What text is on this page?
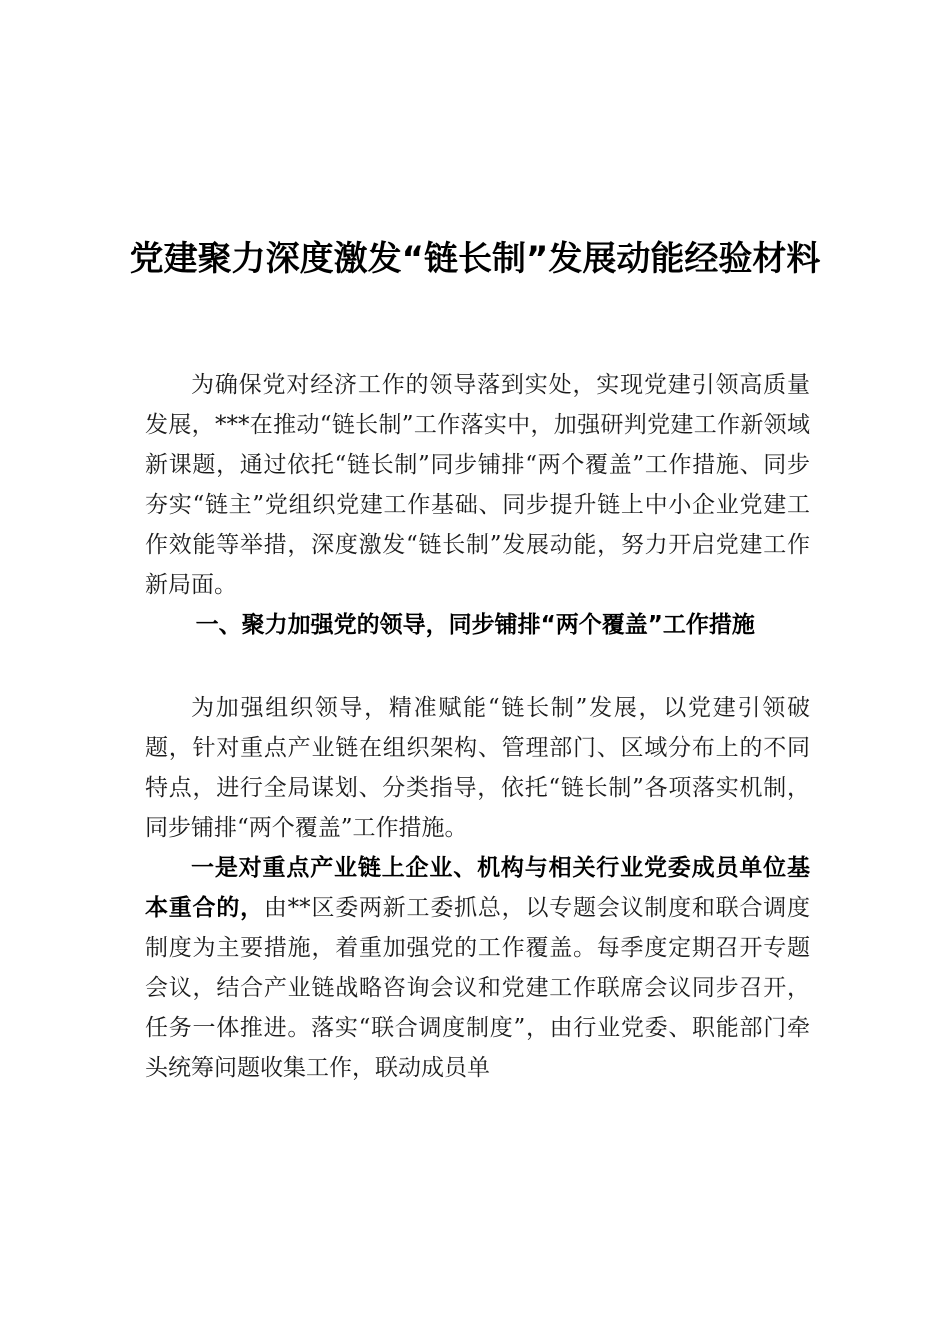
党建聚力深度激发“链长制”发展动能经验材料
为确保党对经济工作的领导落到实处，实现党建引领高质量发展，***在推动“链长制”工作落实中，加强研判党建工作新领域新课题，通过依托“链长制”同步铺排“两个覆盖”工作措施、同步夯实“链主”党组织党建工作基础、同步提升链上中小企业党建工作效能等举措，深度激发“链长制”发展动能，努力开启党建工作新局面。
一、聚力加强党的领导，同步铺排“两个覆盖”工作措施
为加强组织领导，精准赋能“链长制”发展，以党建引领破题，针对重点产业链在组织架构、管理部门、区域分布上的不同特点，进行全局谋划、分类指导，依托“链长制”各项落实机制，同步铺排“两个覆盖”工作措施。
一是对重点产业链上企业、机构与相关行业党委成员单位基本重合的，由**区委两新工委抓总，以专题会议制度和联合调度制度为主要措施，着重加强党的工作覆盖。每季度定期召开专题会议，结合产业链战略咨询会议和党建工作联席会议同步召开，任务一体推进。落实“联合调度制度”，由行业党委、职能部门牵头统筹问题收集工作，联动成员单
